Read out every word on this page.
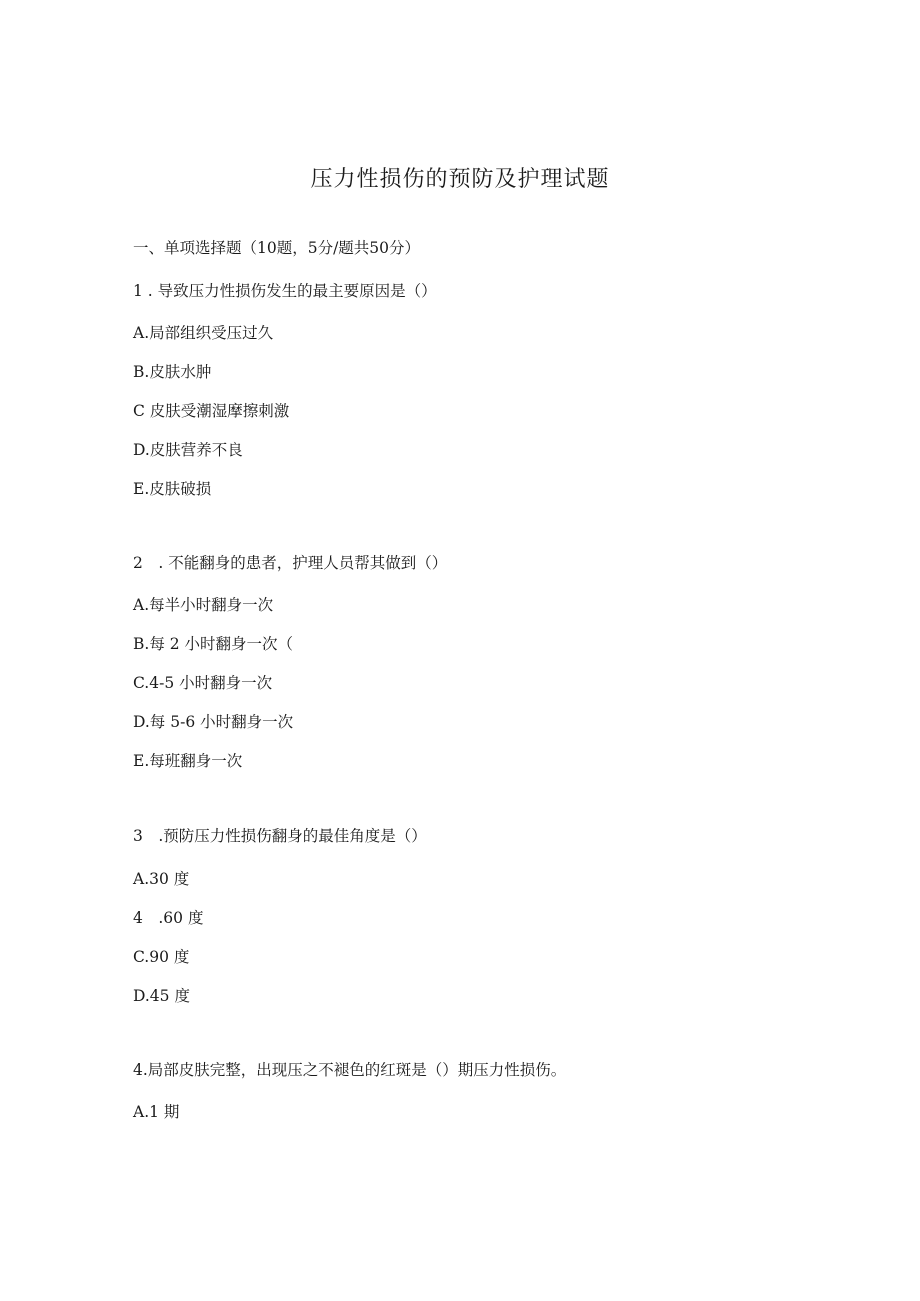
压力性损伤的预防及护理试题
一、单项选择题（10题，5分/题共50分）
1 . 导致压力性损伤发生的最主要原因是（）
A.局部组织受压过久
B.皮肤水肿
C 皮肤受潮湿摩擦刺激
D.皮肤营养不良
E.皮肤破损
2　. 不能翻身的患者，护理人员帮其做到（）
A.每半小时翻身一次
B.每 2 小时翻身一次（
C.4-5 小时翻身一次
D.每 5-6 小时翻身一次
E.每班翻身一次
3　.预防压力性损伤翻身的最佳角度是（）
A.30 度
4　.60 度
C.90 度
D.45 度
4.局部皮肤完整，出现压之不褪色的红斑是（）期压力性损伤。
A.1 期
